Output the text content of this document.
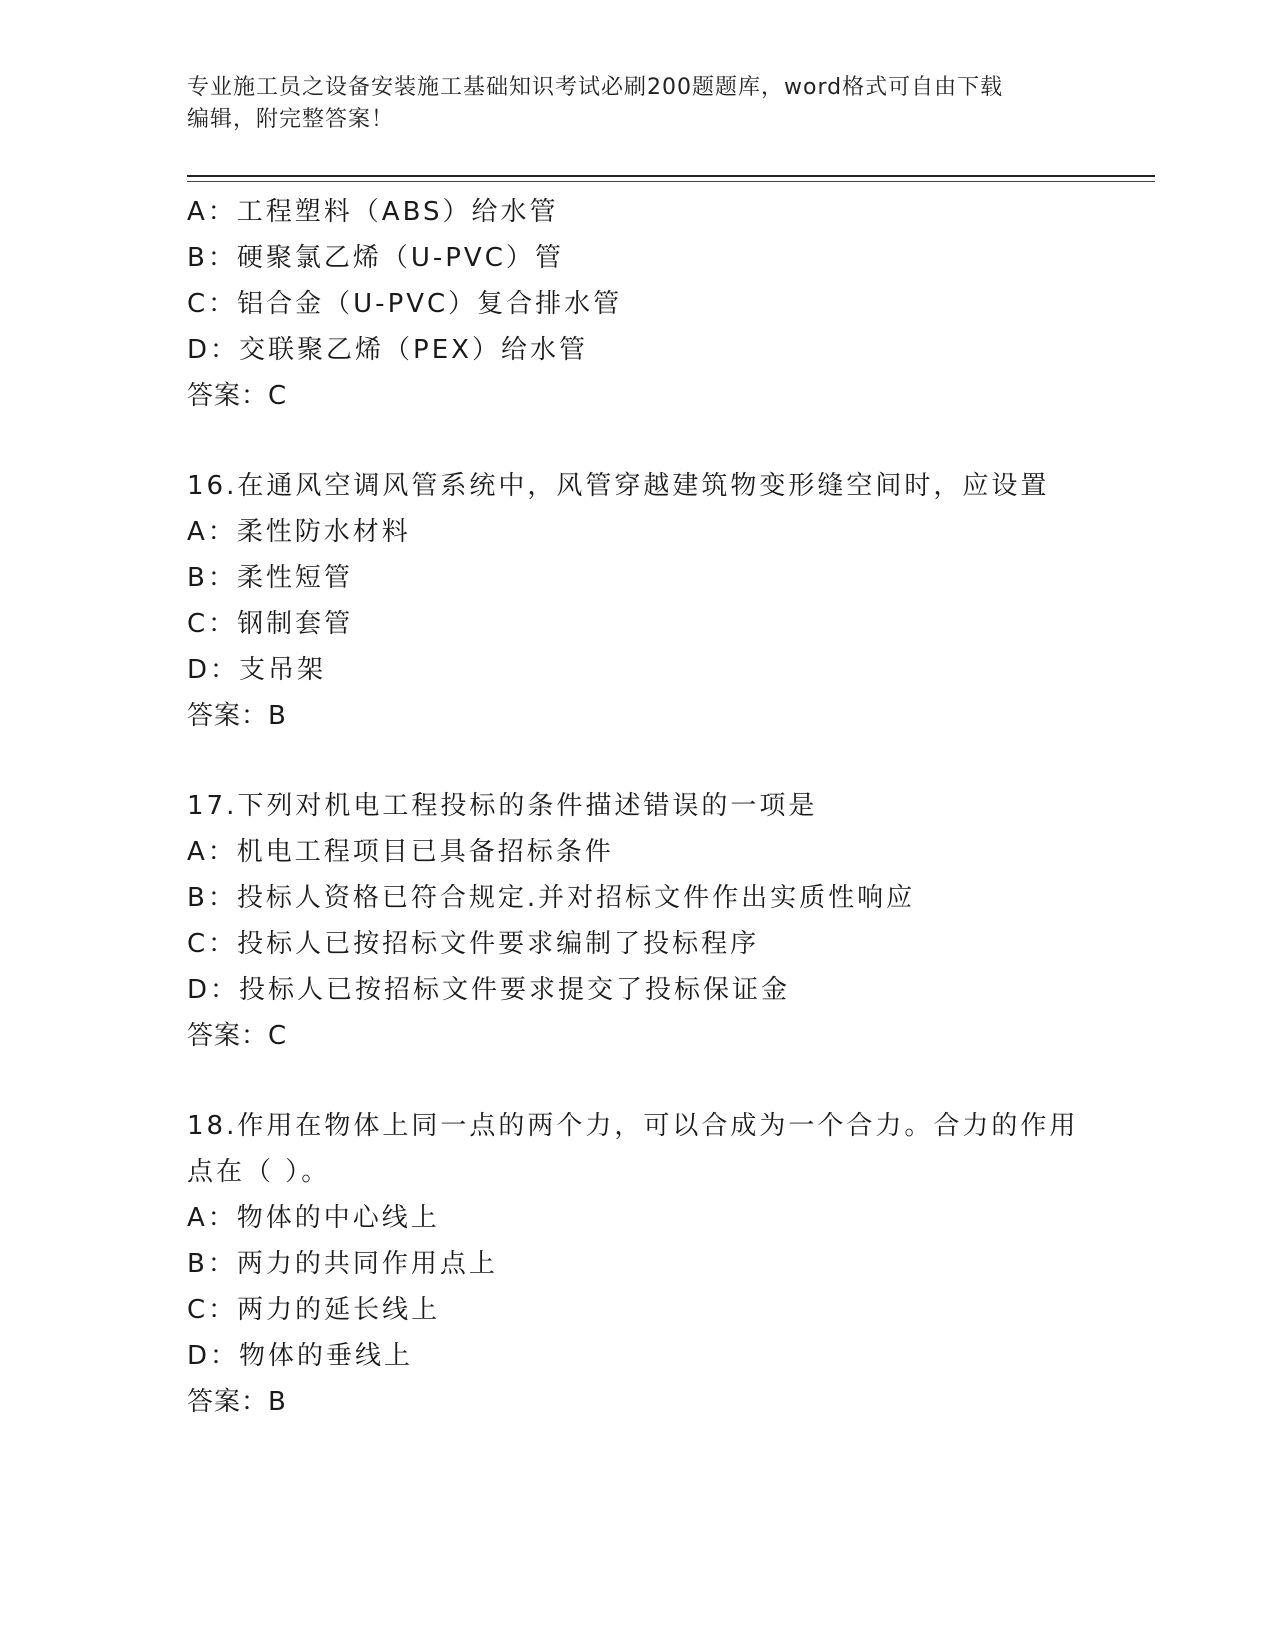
专业施工员之设备安装施工基础知识考试必刷200题题库，word格式可自由下载
编辑，附完整答案！
A：工程塑料（ABS）给水管
B：硬聚氯乙烯（U-PVC）管
C：铝合金（U-PVC）复合排水管
D：交联聚乙烯（PEX）给水管
答案：C
16.在通风空调风管系统中，风管穿越建筑物变形缝空间时，应设置
A：柔性防水材料
B：柔性短管
C：钢制套管
D：支吊架
答案：B
17.下列对机电工程投标的条件描述错误的一项是
A：机电工程项目已具备招标条件
B：投标人资格已符合规定.并对招标文件作出实质性响应
C：投标人已按招标文件要求编制了投标程序
D：投标人已按招标文件要求提交了投标保证金
答案：C
18.作用在物体上同一点的两个力，可以合成为一个合力。合力的作用
点在（ ）。
A：物体的中心线上
B：两力的共同作用点上
C：两力的延长线上
D：物体的垂线上
答案：B
